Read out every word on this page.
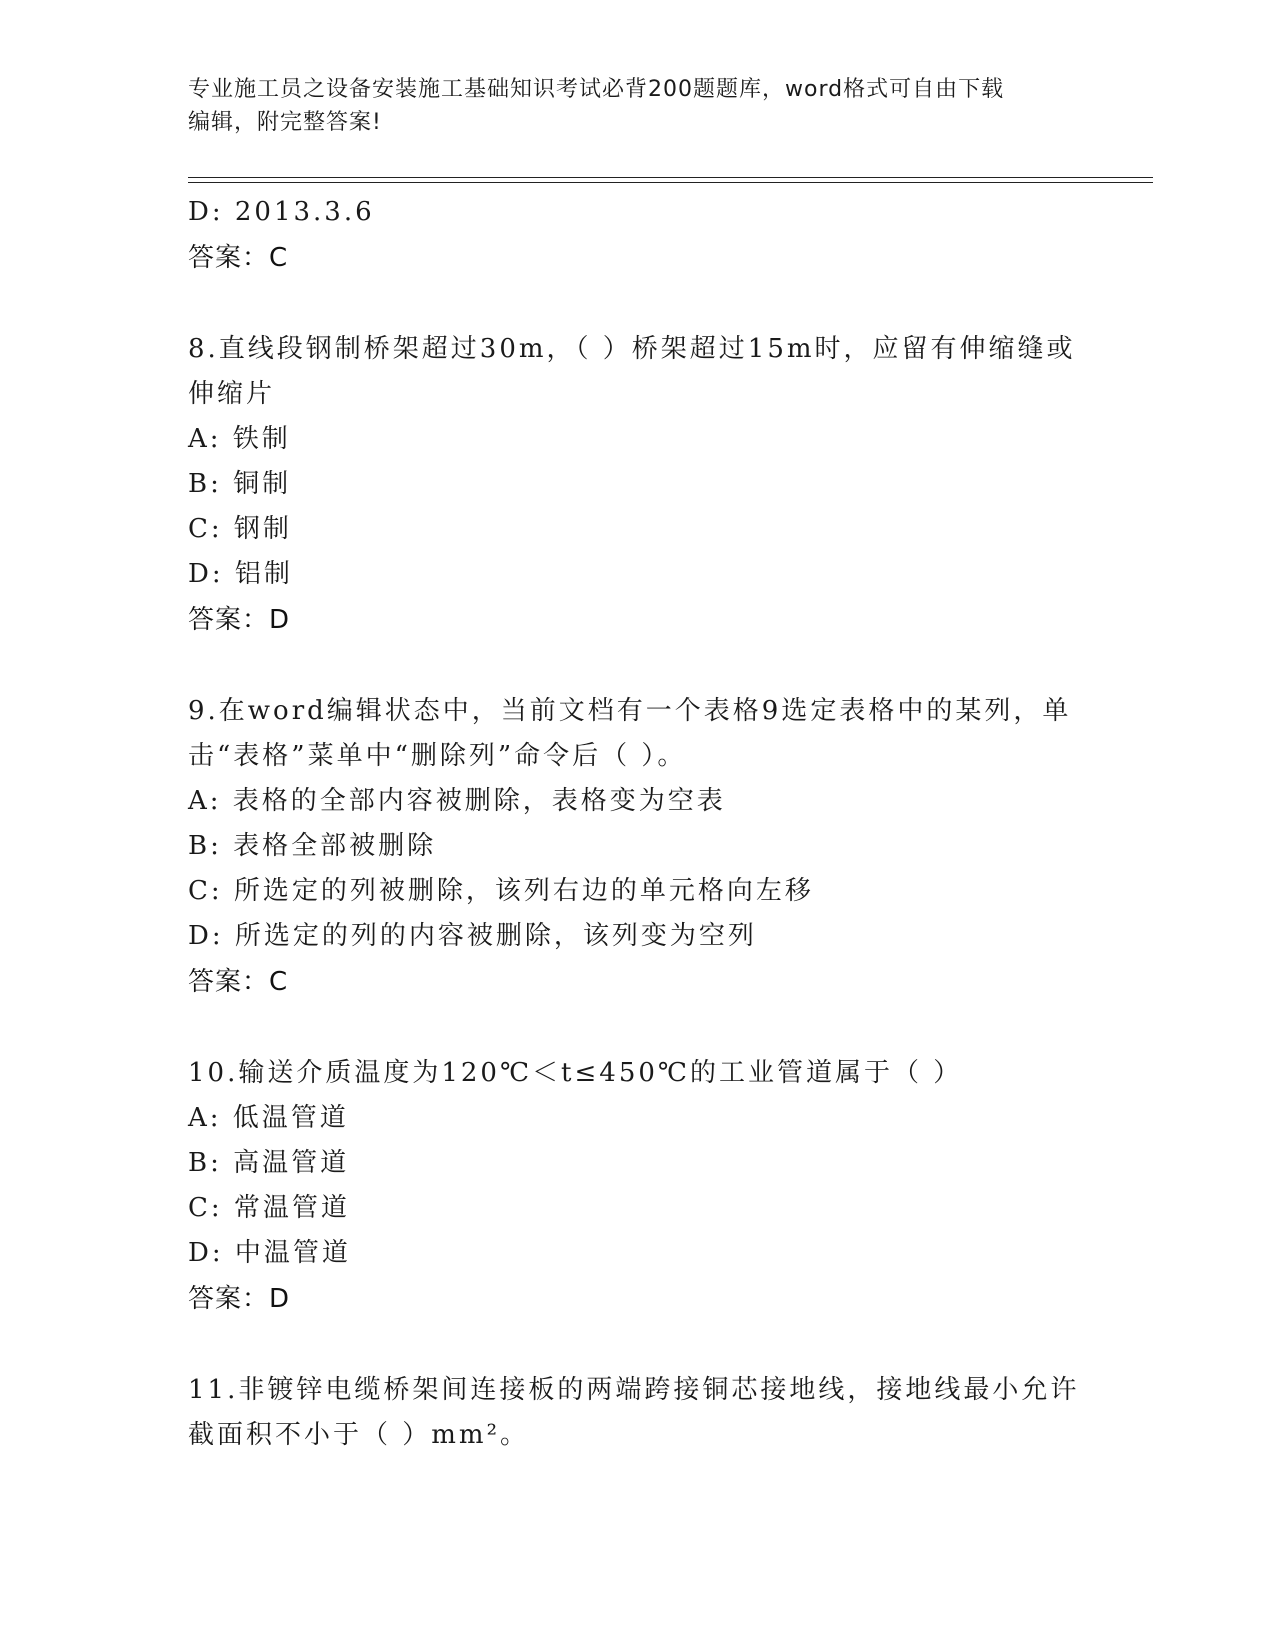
专业施工员之设备安装施工基础知识考试必背200题题库，word格式可自由下载
编辑，附完整答案!

D: 2013.3.6

答案：C

8.直线段钢制桥架超过30m，（ ）桥架超过15m时，应留有伸缩缝或

伸缩片

A: 铁制

B: 铜制

C: 钢制

D: 铝制

答案：D

9.在word编辑状态中，当前文档有一个表格9选定表格中的某列，单

击“表格”菜单中“删除列”命令后（ ）。

A: 表格的全部内容被删除，表格变为空表

B: 表格全部被删除

C: 所选定的列被删除，该列右边的单元格向左移

D: 所选定的列的内容被删除，该列变为空列

答案：C

10.输送介质温度为120℃＜t≤450℃的工业管道属于（ ）

A: 低温管道

B: 高温管道

C: 常温管道

D: 中温管道

答案：D

11.非镀锌电缆桥架间连接板的两端跨接铜芯接地线，接地线最小允许

截面积不小于（ ）mm²。
